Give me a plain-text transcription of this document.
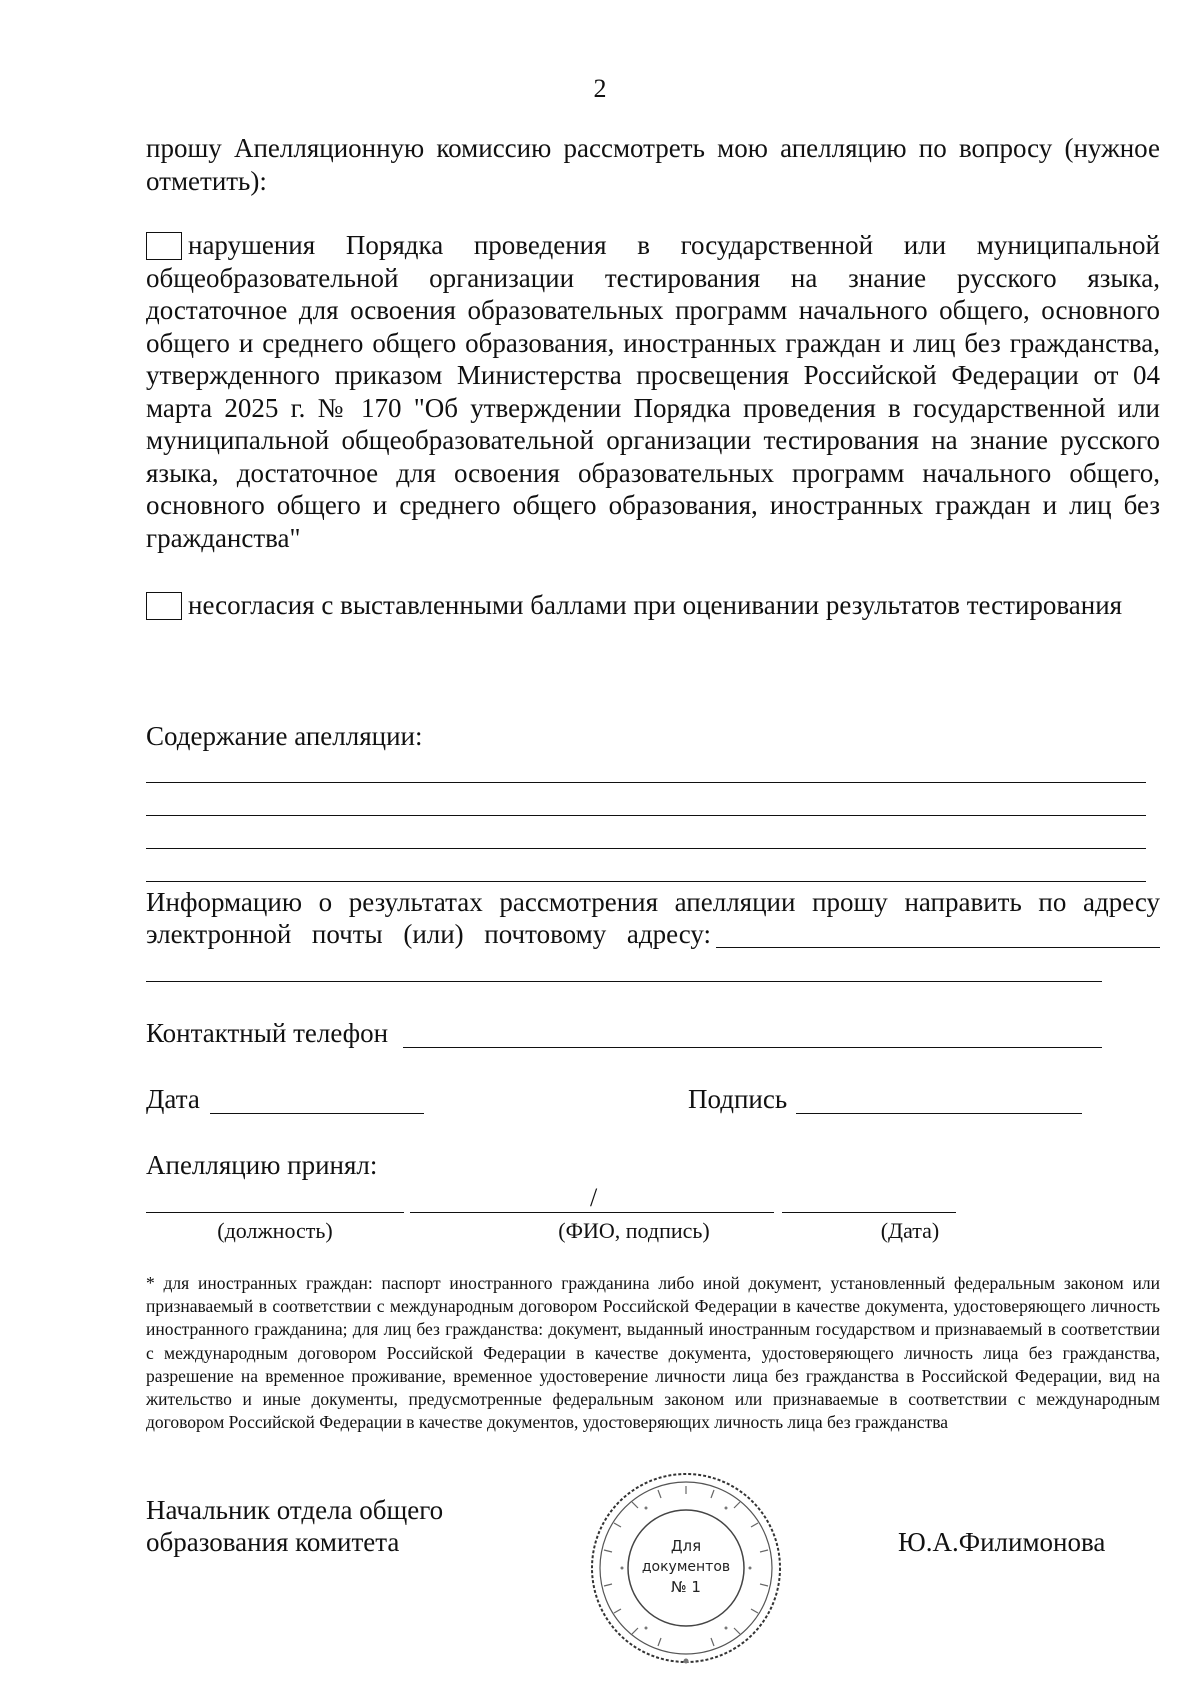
2
прошу Апелляционную комиссию рассмотреть мою апелляцию по вопросу (нужное отметить):
нарушения Порядка проведения в государственной или муниципальной общеобразовательной организации тестирования на знание русского языка, достаточное для освоения образовательных программ начального общего, основного общего и среднего общего образования, иностранных граждан и лиц без гражданства, утвержденного приказом Министерства просвещения Российской Федерации от 04 марта 2025 г. № 170 "Об утверждении Порядка проведения в государственной или муниципальной общеобразовательной организации тестирования на знание русского языка, достаточное для освоения образовательных программ начального общего, основного общего и среднего общего образования, иностранных граждан и лиц без гражданства"
несогласия с выставленными баллами при оценивании результатов тестирования
Содержание апелляции:
Информацию о результатах рассмотрения апелляции прошу направить по адресу
электронной почты (или) почтовому адресу:
Контактный телефон
Дата	Подпись
Апелляцию принял:
/
(должность)	(ФИО, подпись)	(Дата)
* для иностранных граждан: паспорт иностранного гражданина либо иной документ, установленный федеральным законом или признаваемый в соответствии с международным договором Российской Федерации в качестве документа, удостоверяющего личность иностранного гражданина; для лиц без гражданства: документ, выданный иностранным государством и признаваемый в соответствии с международным договором Российской Федерации в качестве документа, удостоверяющего личность лица без гражданства, разрешение на временное проживание, временное удостоверение личности лица без гражданства в Российской Федерации, вид на жительство и иные документы, предусмотренные федеральным законом или признаваемые в соответствии с международным договором Российской Федерации в качестве документов, удостоверяющих личность лица без гражданства
Начальник отдела общего
образования комитета	Ю.А.Филимонова
Для
документов
№ 1
